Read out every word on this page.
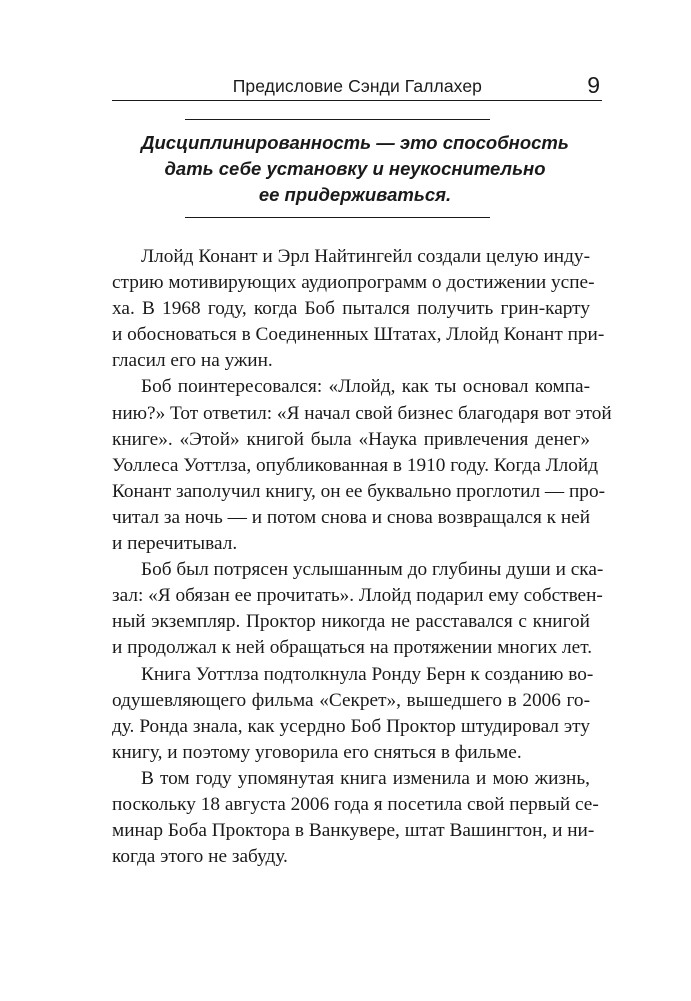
Предисловие Сэнди Галлахер	9
Дисциплинированность — это способность
дать себе установку и неукоснительно
ее придерживаться.
Ллойд Конант и Эрл Найтингейл создали целую инду-
стрию мотивирующих аудиопрограмм о достижении успе-
ха. В 1968 году, когда Боб пытался получить грин-карту
и обосноваться в Соединенных Штатах, Ллойд Конант при-
гласил его на ужин.
Боб поинтересовался: «Ллойд, как ты основал компа-
нию?» Тот ответил: «Я начал свой бизнес благодаря вот этой
книге». «Этой» книгой была «Наука привлечения денег»
Уоллеса Уоттлза, опубликованная в 1910 году. Когда Ллойд
Конант заполучил книгу, он ее буквально проглотил — про-
читал за ночь — и потом снова и снова возвращался к ней
и перечитывал.
Боб был потрясен услышанным до глубины души и ска-
зал: «Я обязан ее прочитать». Ллойд подарил ему собствен-
ный экземпляр. Проктор никогда не расставался с книгой
и продолжал к ней обращаться на протяжении многих лет.
Книга Уоттлза подтолкнула Ронду Берн к созданию во-
одушевляющего фильма «Секрет», вышедшего в 2006 го-
ду. Ронда знала, как усердно Боб Проктор штудировал эту
книгу, и поэтому уговорила его сняться в фильме.
В том году упомянутая книга изменила и мою жизнь,
поскольку 18 августа 2006 года я посетила свой первый се-
минар Боба Проктора в Ванкувере, штат Вашингтон, и ни-
когда этого не забуду.
